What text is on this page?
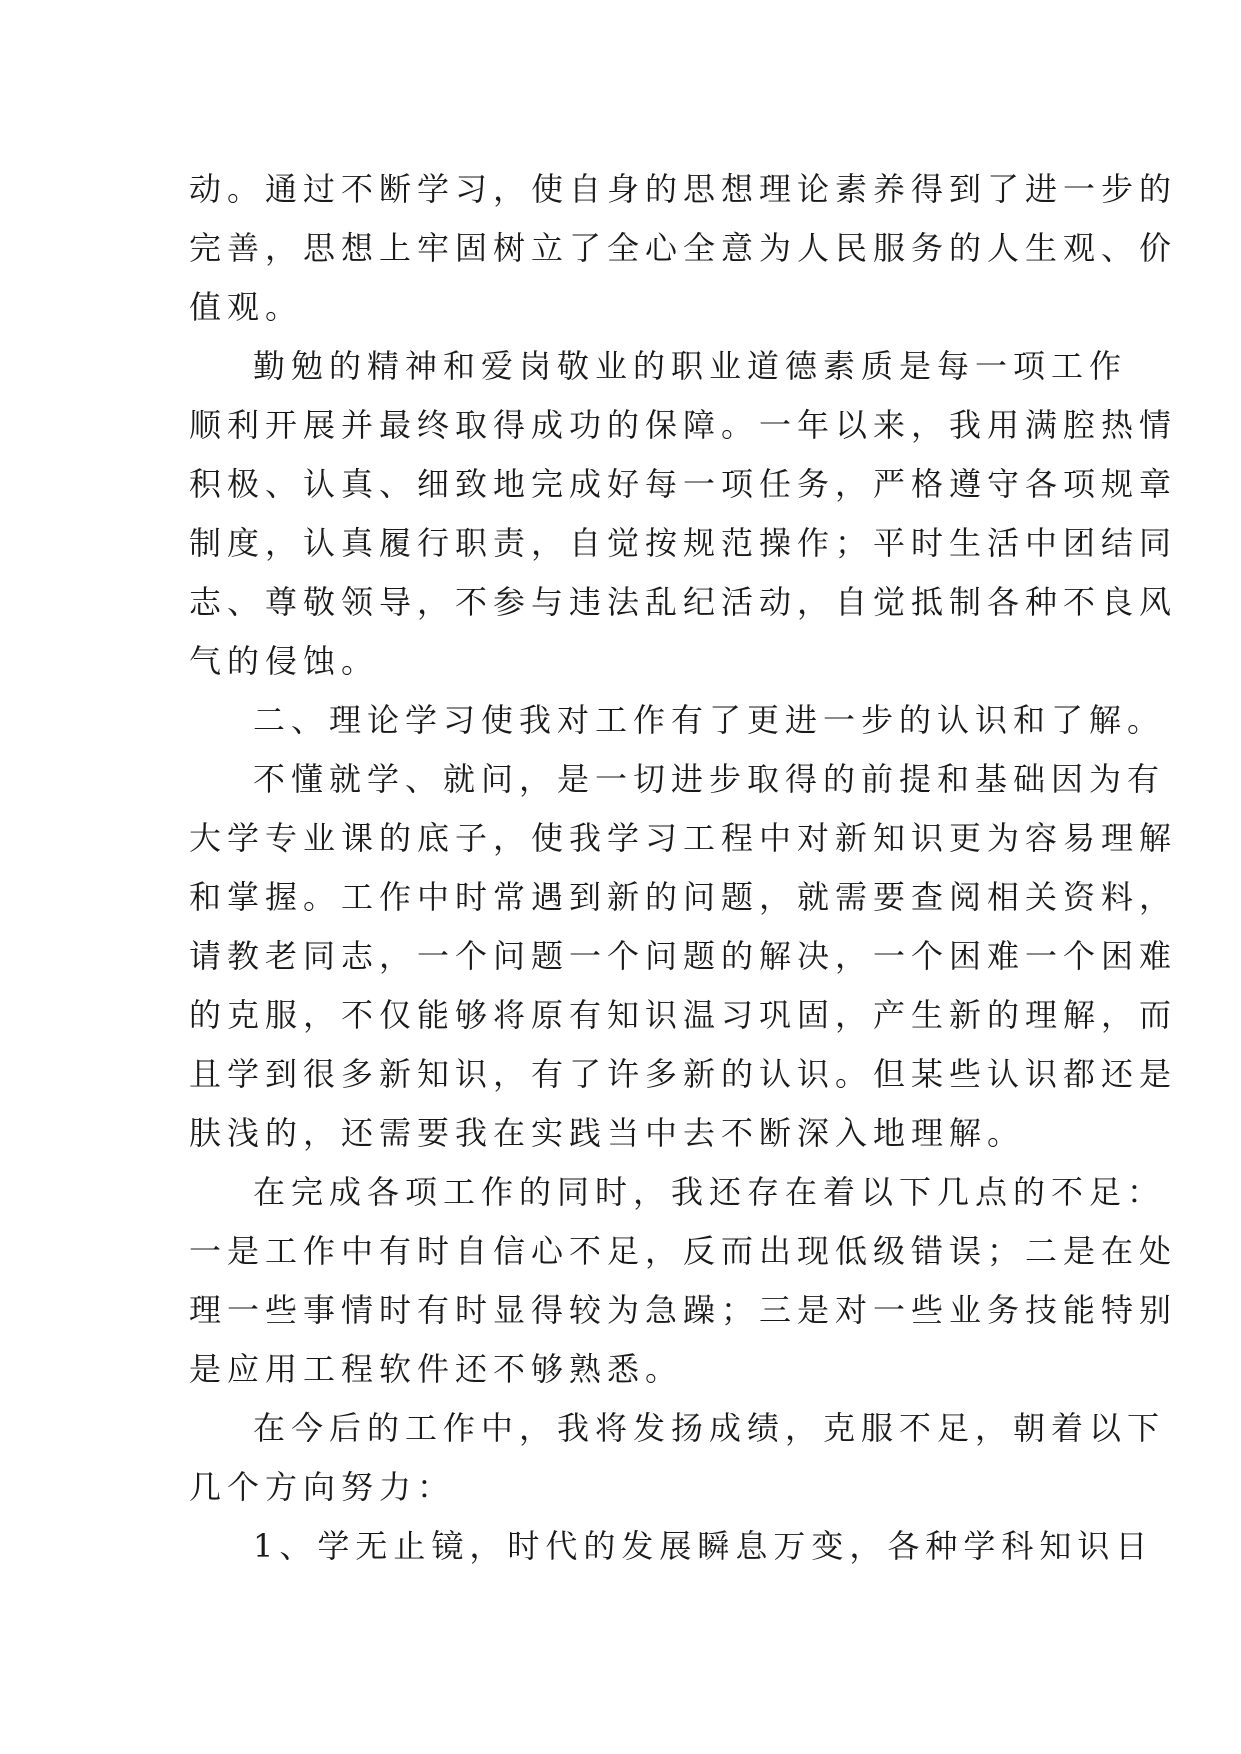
动。通过不断学习，使自身的思想理论素养得到了进一步的
完善，思想上牢固树立了全心全意为人民服务的人生观、价
值观。
勤勉的精神和爱岗敬业的职业道德素质是每一项工作
顺利开展并最终取得成功的保障。一年以来，我用满腔热情
积极、认真、细致地完成好每一项任务，严格遵守各项规章
制度，认真履行职责，自觉按规范操作；平时生活中团结同
志、尊敬领导，不参与违法乱纪活动，自觉抵制各种不良风
气的侵蚀。
二、理论学习使我对工作有了更进一步的认识和了解。
不懂就学、就问，是一切进步取得的前提和基础因为有
大学专业课的底子，使我学习工程中对新知识更为容易理解
和掌握。工作中时常遇到新的问题，就需要查阅相关资料，
请教老同志，一个问题一个问题的解决，一个困难一个困难
的克服，不仅能够将原有知识温习巩固，产生新的理解，而
且学到很多新知识，有了许多新的认识。但某些认识都还是
肤浅的，还需要我在实践当中去不断深入地理解。
在完成各项工作的同时，我还存在着以下几点的不足：
一是工作中有时自信心不足，反而出现低级错误；二是在处
理一些事情时有时显得较为急躁；三是对一些业务技能特别
是应用工程软件还不够熟悉。
在今后的工作中，我将发扬成绩，克服不足，朝着以下
几个方向努力：
1、学无止镜，时代的发展瞬息万变，各种学科知识日
